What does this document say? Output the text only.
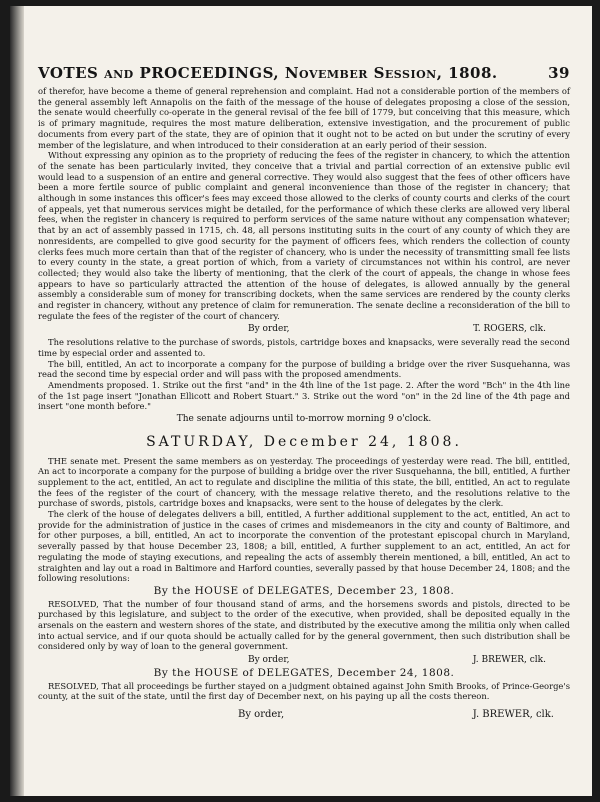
VOTES and PROCEEDINGS, November Session, 1808.	39

of therefor, have become a theme of general reprehension and complaint. Had not a considerable portion of the members of the general assembly left Annapolis on the faith of the message of the house of delegates proposing a close of the session, the senate would cheerfully co-operate in the general revisal of the fee bill of 1779, but conceiving that this measure, which is of primary magnitude, requires the most mature deliberation, extensive investigation, and the procurement of public documents from every part of the state, they are of opinion that it ought not to be acted on but under the scrutiny of every member of the legislature, and when introduced to their consideration at an early period of their session.

Without expressing any opinion as to the propriety of reducing the fees of the register in chancery, to which the attention of the senate has been particularly invited, they conceive that a trivial and partial correction of an extensive public evil would lead to a suspension of an entire and general corrective. They would also suggest that the fees of other officers have been a more fertile source of public complaint and general inconvenience than those of the register in chancery; that although in some instances this officer's fees may exceed those allowed to the clerks of county courts and clerks of the court of appeals, yet that numerous services might be detailed, for the performance of which these clerks are allowed very liberal fees, when the register in chancery is required to perform services of the same nature without any compensation whatever; that by an act of assembly passed in 1715, ch. 48, all persons instituting suits in the court of any county of which they are nonresidents, are compelled to give good security for the payment of officers fees, which renders the collection of county clerks fees much more certain than that of the register of chancery, who is under the necessity of transmitting small fee lists to every county in the state, a great portion of which, from a variety of circumstances not within his control, are never collected; they would also take the liberty of mentioning, that the clerk of the court of appeals, the change in whose fees appears to have so particularly attracted the attention of the house of delegates, is allowed annually by the general assembly a considerable sum of money for transcribing dockets, when the same services are rendered by the county clerks and register in chancery, without any pretence of claim for remuneration. The senate decline a reconsideration of the bill to regulate the fees of the register of the court of chancery.

By order,	T. ROGERS, clk.

The resolutions relative to the purchase of swords, pistols, cartridge boxes and knapsacks, were severally read the second time by especial order and assented to.

The bill, entitled, An act to incorporate a company for the purpose of building a bridge over the river Susquehanna, was read the second time by especial order and will pass with the proposed amendments.

Amendments proposed. 1. Strike out the first "and" in the 4th line of the 1st page. 2. After the word "Bch" in the 4th line of the 1st page insert "Jonathan Ellicott and Robert Stuart." 3. Strike out the word "on" in the 2d line of the 4th page and insert "one month before."

The senate adjourns until to-morrow morning 9 o'clock.
SATURDAY, December 24, 1808.

THE senate met. Present the same members as on yesterday. The proceedings of yesterday were read. The bill, entitled, An act to incorporate a company for the purpose of building a bridge over the river Susquehanna, the bill, entitled, A further supplement to the act, entitled, An act to regulate and discipline the militia of this state, the bill, entitled, An act to regulate the fees of the register of the court of chancery, with the message relative thereto, and the resolutions relative to the purchase of swords, pistols, cartridge boxes and knapsacks, were sent to the house of delegates by the clerk.

The clerk of the house of delegates delivers a bill, entitled, A further additional supplement to the act, entitled, An act to provide for the administration of justice in the cases of crimes and misdemeanors in the city and county of Baltimore, and for other purposes, a bill, entitled, An act to incorporate the convention of the protestant episcopal church in Maryland, severally passed by that house December 23, 1808; a bill, entitled, A further supplement to an act, entitled, An act for regulating the mode of staying executions, and repealing the acts of assembly therein mentioned, a bill, entitled, An act to straighten and lay out a road in Baltimore and Harford counties, severally passed by that house December 24, 1808; and the following resolutions:

By the HOUSE of DELEGATES, December 23, 1808.

RESOLVED, That the number of four thousand stand of arms, and the horsemens swords and pistols, directed to be purchased by this legislature, and subject to the order of the executive, when provided, shall be deposited equally in the arsenals on the eastern and western shores of the state, and distributed by the executive among the militia only when called into actual service, and if our quota should be actually called for by the general government, then such distribution shall be considered only by way of loan to the general government.

By order,	J. BREWER, clk.
By the HOUSE of DELEGATES, December 24, 1808.

RESOLVED, That all proceedings be further stayed on a judgment obtained against John Smith Brooks, of Prince-George's county, at the suit of the state, until the first day of December next, on his paying up all the costs thereon.

By order,	J. BREWER, clk.
